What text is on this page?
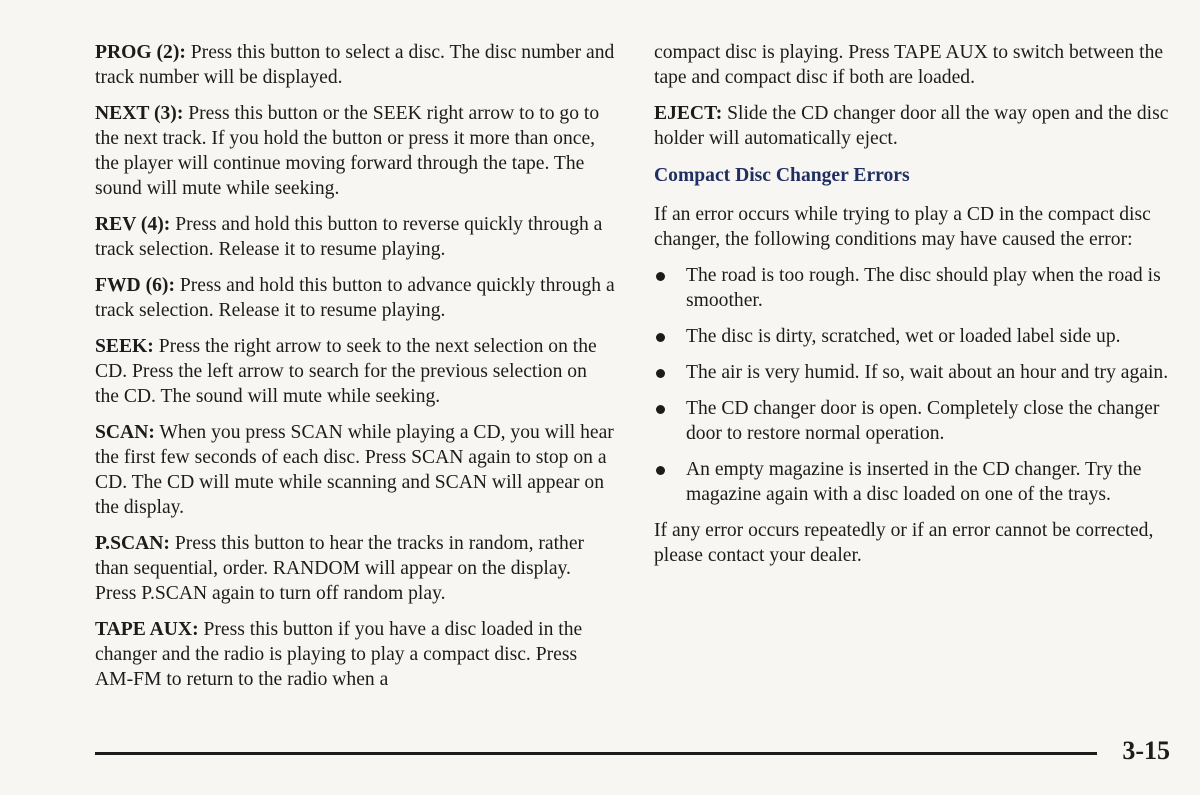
PROG (2): Press this button to select a disc. The disc number and track number will be displayed.

NEXT (3): Press this button or the SEEK right arrow to to go to the next track. If you hold the button or press it more than once, the player will continue moving forward through the tape. The sound will mute while seeking.

REV (4): Press and hold this button to reverse quickly through a track selection. Release it to resume playing.

FWD (6): Press and hold this button to advance quickly through a track selection. Release it to resume playing.

SEEK: Press the right arrow to seek to the next selection on the CD. Press the left arrow to search for the previous selection on the CD. The sound will mute while seeking.

SCAN: When you press SCAN while playing a CD, you will hear the first few seconds of each disc. Press SCAN again to stop on a CD. The CD will mute while scanning and SCAN will appear on the display.

P.SCAN: Press this button to hear the tracks in random, rather than sequential, order. RANDOM will appear on the display. Press P.SCAN again to turn off random play.

TAPE AUX: Press this button if you have a disc loaded in the changer and the radio is playing to play a compact disc. Press AM-FM to return to the radio when a

compact disc is playing. Press TAPE AUX to switch between the tape and compact disc if both are loaded.

EJECT: Slide the CD changer door all the way open and the disc holder will automatically eject.

Compact Disc Changer Errors

If an error occurs while trying to play a CD in the compact disc changer, the following conditions may have caused the error:

The road is too rough. The disc should play when the road is smoother.
The disc is dirty, scratched, wet or loaded label side up.
The air is very humid. If so, wait about an hour and try again.
The CD changer door is open. Completely close the changer door to restore normal operation.
An empty magazine is inserted in the CD changer. Try the magazine again with a disc loaded on one of the trays.

If any error occurs repeatedly or if an error cannot be corrected, please contact your dealer.

3-15
